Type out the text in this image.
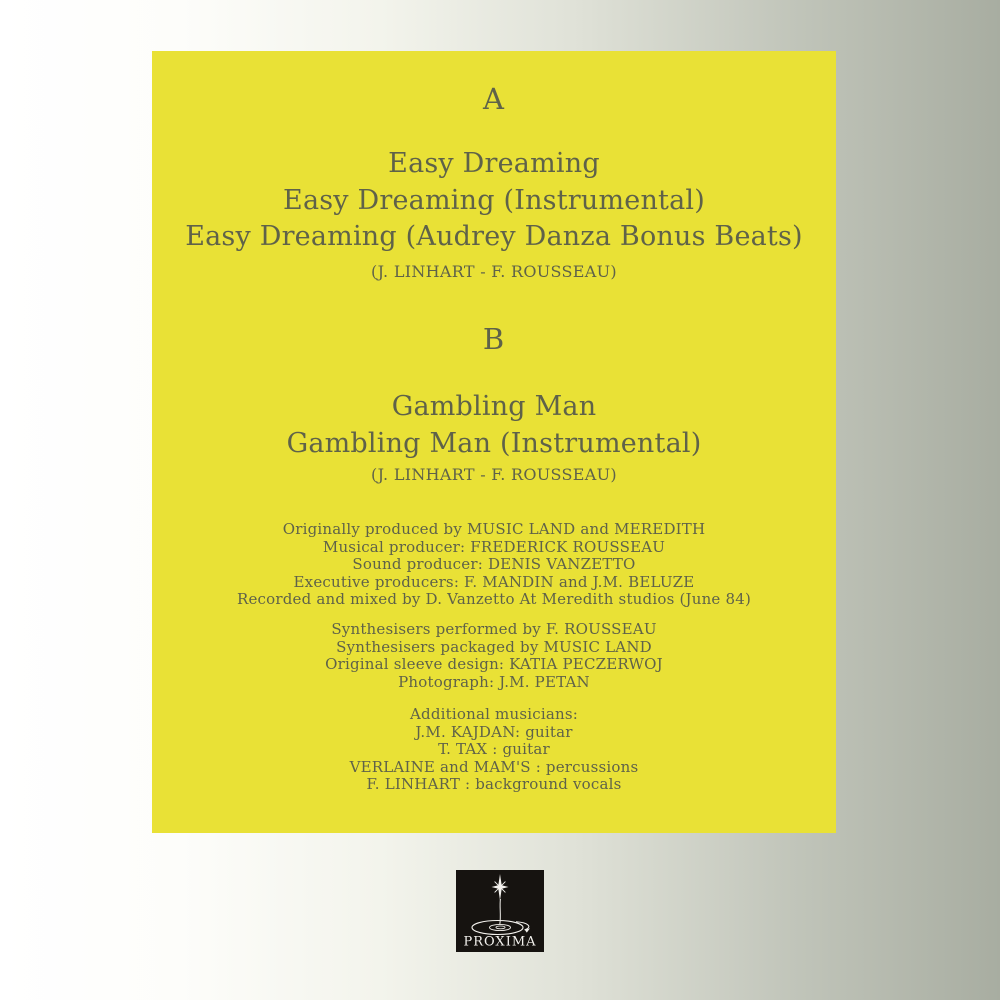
A
Easy Dreaming
Easy Dreaming (Instrumental)
Easy Dreaming (Audrey Danza Bonus Beats)
(J. LINHART - F. ROUSSEAU)
B
Gambling Man
Gambling Man (Instrumental)
(J. LINHART - F. ROUSSEAU)
Originally produced by MUSIC LAND and MEREDITH
Musical producer: FREDERICK ROUSSEAU
Sound producer: DENIS VANZETTO
Executive producers: F. MANDIN and J.M. BELUZE
Recorded and mixed by D. Vanzetto At Meredith studios (June 84)
Synthesisers performed by F. ROUSSEAU
Synthesisers packaged by MUSIC LAND
Original sleeve design: KATIA PECZERWOJ
Photograph: J.M. PETAN
Additional musicians:
J.M. KAJDAN: guitar
T. TAX : guitar
VERLAINE and MAM'S : percussions
F. LINHART : background vocals
PROXIMA
